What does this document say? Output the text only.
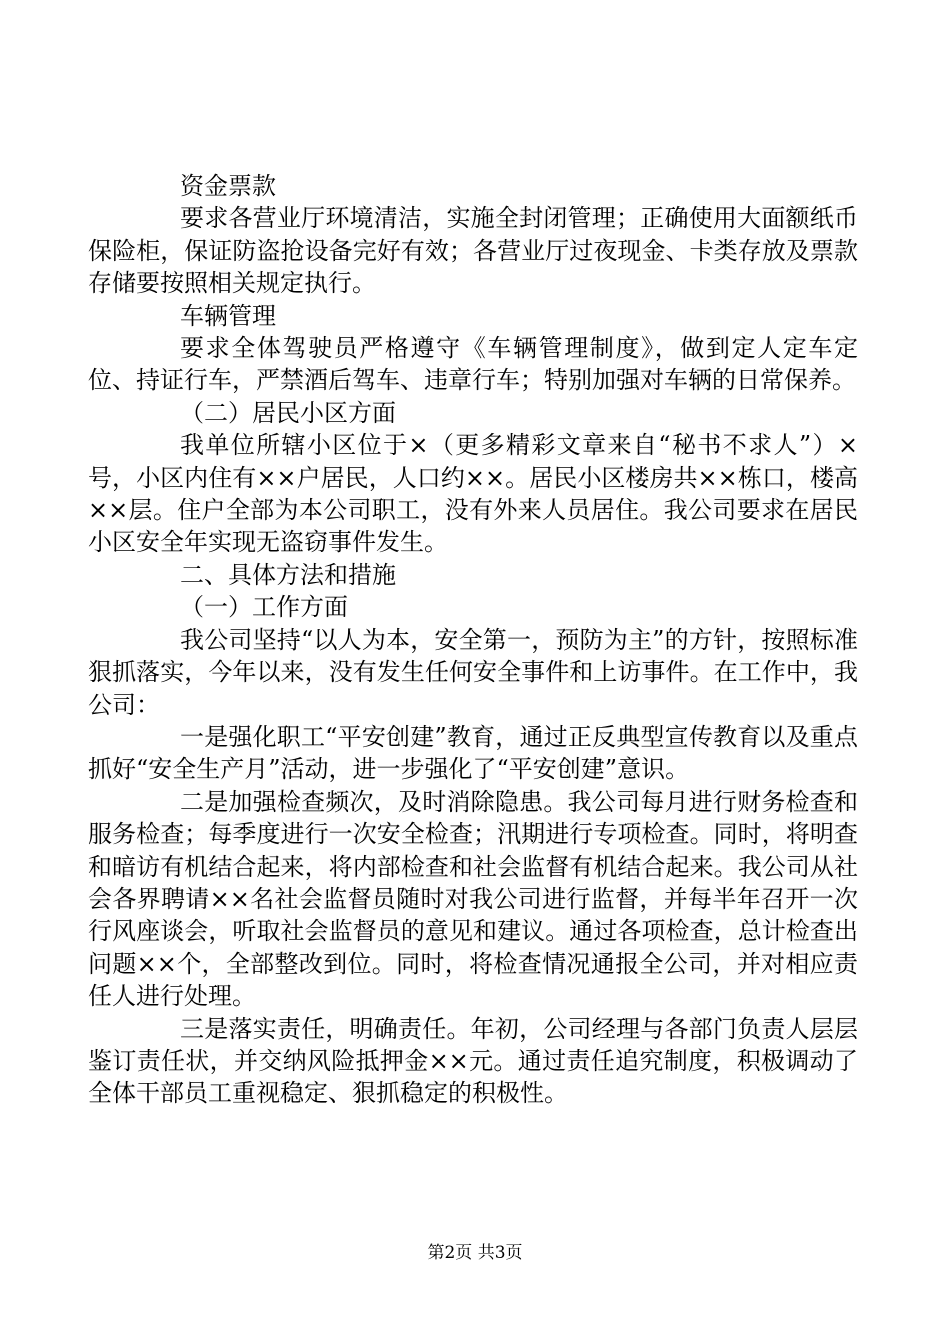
资金票款

要求各营业厅环境清洁，实施全封闭管理；正确使用大面额纸币保险柜，保证防盗抢设备完好有效；各营业厅过夜现金、卡类存放及票款存储要按照相关规定执行。

车辆管理

要求全体驾驶员严格遵守《车辆管理制度》，做到定人定车定位、持证行车，严禁酒后驾车、违章行车；特别加强对车辆的日常保养。

（二）居民小区方面

我单位所辖小区位于×（更多精彩文章来自“秘书不求人”）×号，小区内住有××户居民，人口约××。居民小区楼房共××栋口，楼高××层。住户全部为本公司职工，没有外来人员居住。我公司要求在居民小区安全年实现无盗窃事件发生。

二、具体方法和措施

（一）工作方面

我公司坚持“以人为本，安全第一，预防为主”的方针，按照标准狠抓落实，今年以来，没有发生任何安全事件和上访事件。在工作中，我公司：

一是强化职工“平安创建”教育，通过正反典型宣传教育以及重点抓好“安全生产月”活动，进一步强化了“平安创建”意识。

二是加强检查频次，及时消除隐患。我公司每月进行财务检查和服务检查；每季度进行一次安全检查；汛期进行专项检查。同时，将明查和暗访有机结合起来，将内部检查和社会监督有机结合起来。我公司从社会各界聘请××名社会监督员随时对我公司进行监督，并每半年召开一次行风座谈会，听取社会监督员的意见和建议。通过各项检查，总计检查出问题××个，全部整改到位。同时，将检查情况通报全公司，并对相应责任人进行处理。

三是落实责任，明确责任。年初，公司经理与各部门负责人层层鉴订责任状，并交纳风险抵押金××元。通过责任追究制度，积极调动了全体干部员工重视稳定、狠抓稳定的积极性。

第2页 共3页
